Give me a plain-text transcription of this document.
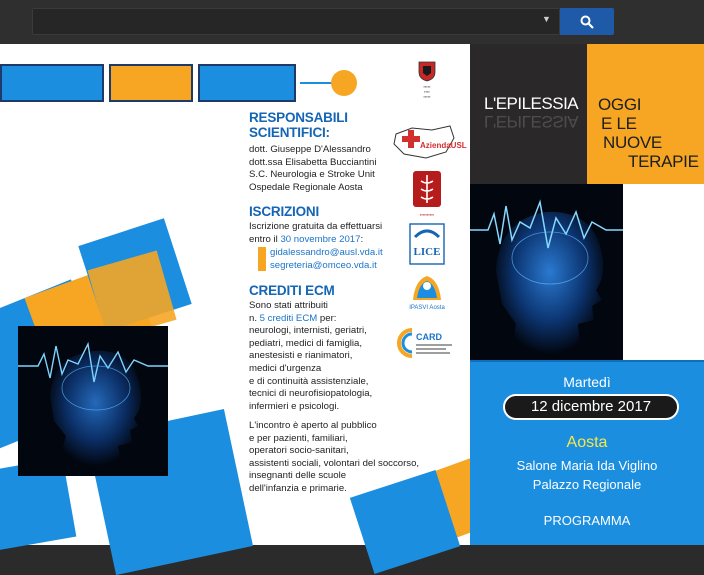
▼
RESPONSABILI
SCIENTIFICI:
dott. Giuseppe D'Alessandro
dott.ssa Elisabetta Bucciantini
S.C. Neurologia e Stroke Unit
Ospedale Regionale Aosta
ISCRIZIONI
Iscrizione gratuita da effettuarsi
entro il 30 novembre 2017:
gidalessandro@ausl.vda.it
segreteria@omceo.vda.it
CREDITI ECM
Sono stati attribuiti
n. 5 crediti ECM per:
neurologi, internisti, geriatri,
pediatri, medici di famiglia,
anestesisti e rianimatori,
medici d'urgenza
e di continuità assistenziale,
tecnici di neurofisiopatologia,
infermieri e psicologi.
L'incontro è aperto al pubblico
e per pazienti, familiari,
operatori socio-sanitari,
assistenti sociali, volontari del soccorso,
insegnanti delle scuole
dell'infanzia e primarie.
▪▪▪▪▪
▪▪▪▪
▪▪▪▪▪
AziendaUSL
▪▪▪▪▪▪▪▪▪▪
LICE
IPASVI Aosta
CARD
L'EPILESSIA
L'EPILESSIA
OGGI
E LE
NUOVE
TERAPIE
Martedì
12 dicembre 2017
Aosta
Salone Maria Ida Viglino
Palazzo Regionale
PROGRAMMA
